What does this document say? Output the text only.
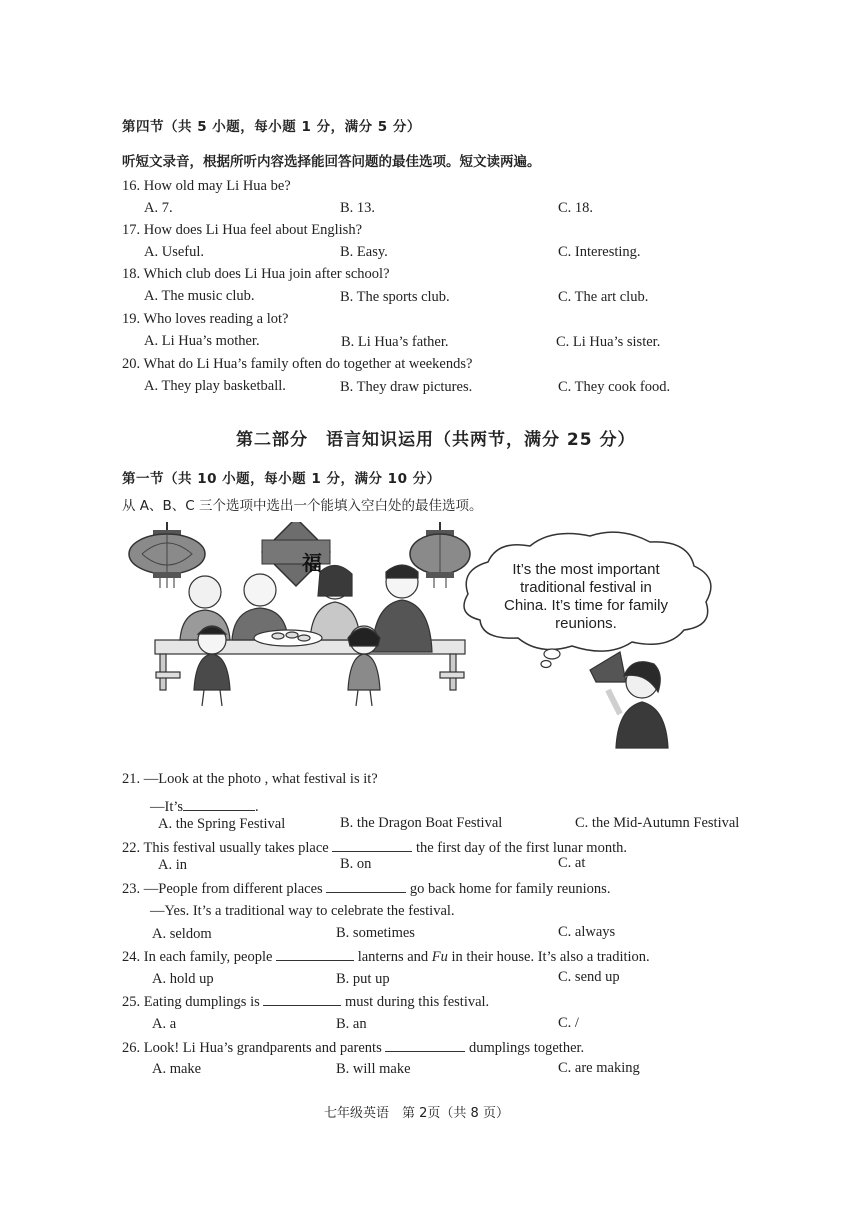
第四节（共 5 小题，每小题 1 分，满分 5 分）
听短文录音，根据所听内容选择能回答问题的最佳选项。短文读两遍。
16. How old may Li Hua be?
A. 7.	B. 13.	C. 18.
17. How does Li Hua feel about English?
A. Useful.	B. Easy.	C. Interesting.
18. Which club does Li Hua join after school?
A. The music club.	B. The sports club.	C. The art club.
19. Who loves reading a lot?
A. Li Hua’s mother.	B. Li Hua’s father.	C. Li Hua’s sister.
20. What do Li Hua’s family often do together at weekends?
A. They play basketball.	B. They draw pictures.	C. They cook food.
第二部分　语言知识运用（共两节，满分 25 分）
第一节（共 10 小题，每小题 1 分，满分 10 分）
从 A、B、C 三个选项中选出一个能填入空白处的最佳选项。
It’s the most important
traditional festival in
China. It’s time for family
reunions.
福
21. —Look at the photo , what festival is it?
—It’s	.
A. the Spring Festival	B. the Dragon Boat Festival	C. the Mid-Autumn Festival
22. This festival usually takes place	the first day of the first lunar month.
A. in	B. on	C. at
23. —People from different places	go back home for family reunions.
—Yes. It’s a traditional way to celebrate the festival.
A. seldom	B. sometimes	C. always
24. In each family, people	lanterns and Fu in their house. It’s also a tradition.
A. hold up	B. put up	C. send up
25. Eating dumplings is	must during this festival.
A. a	B. an	C. /
26. Look! Li Hua’s grandparents and parents	dumplings together.
A. make	B. will make	C. are making
七年级英语　第 2页（共 8 页）
